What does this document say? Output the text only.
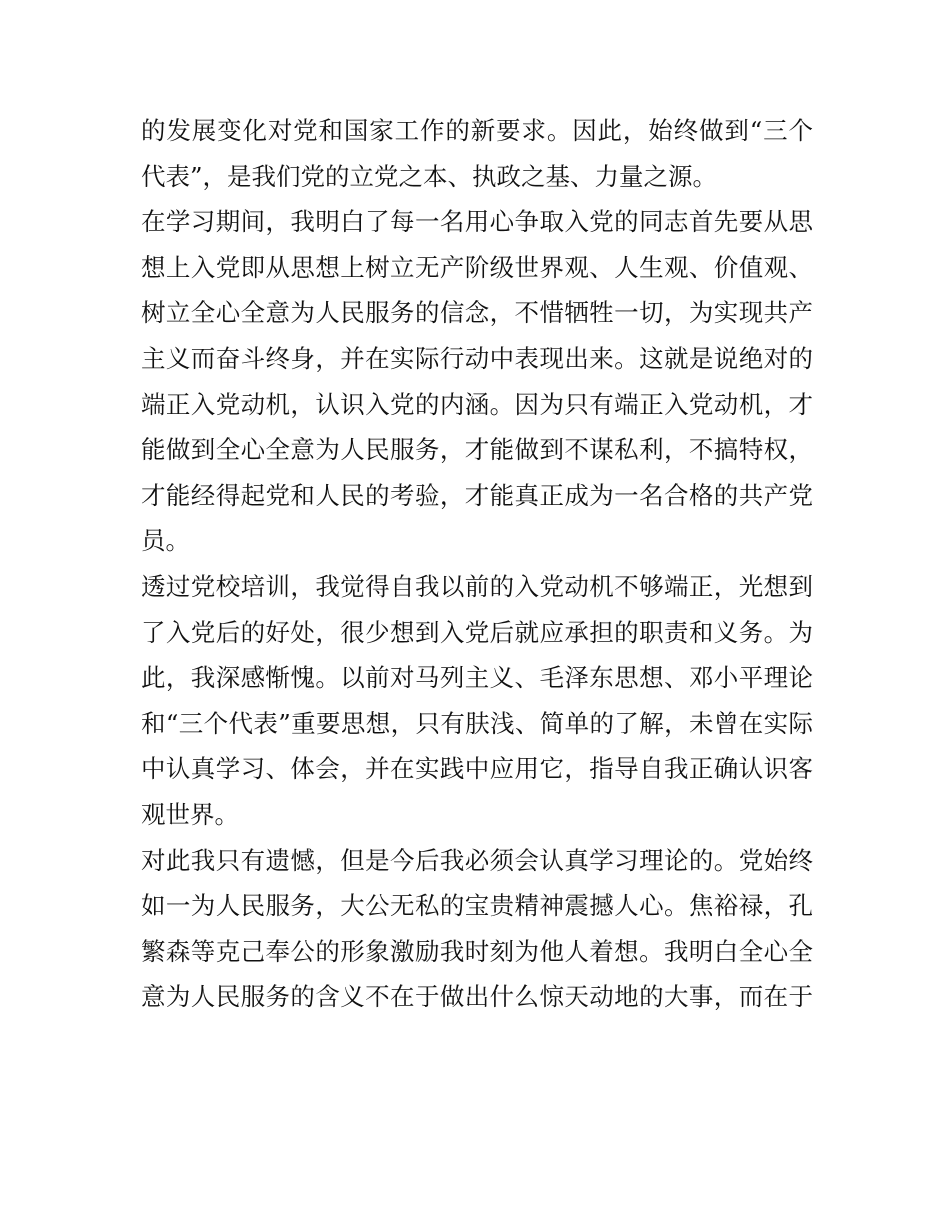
的发展变化对党和国家工作的新要求。因此，始终做到“三个
代表”，是我们党的立党之本、执政之基、力量之源。
在学习期间，我明白了每一名用心争取入党的同志首先要从思
想上入党即从思想上树立无产阶级世界观、人生观、价值观、
树立全心全意为人民服务的信念，不惜牺牲一切，为实现共产
主义而奋斗终身，并在实际行动中表现出来。这就是说绝对的
端正入党动机，认识入党的内涵。因为只有端正入党动机，才
能做到全心全意为人民服务，才能做到不谋私利，不搞特权，
才能经得起党和人民的考验，才能真正成为一名合格的共产党
员。
透过党校培训，我觉得自我以前的入党动机不够端正，光想到
了入党后的好处，很少想到入党后就应承担的职责和义务。为
此，我深感惭愧。以前对马列主义、毛泽东思想、邓小平理论
和“三个代表”重要思想，只有肤浅、简单的了解，未曾在实际
中认真学习、体会，并在实践中应用它，指导自我正确认识客
观世界。
对此我只有遗憾，但是今后我必须会认真学习理论的。党始终
如一为人民服务，大公无私的宝贵精神震撼人心。焦裕禄，孔
繁森等克己奉公的形象激励我时刻为他人着想。我明白全心全
意为人民服务的含义不在于做出什么惊天动地的大事，而在于
